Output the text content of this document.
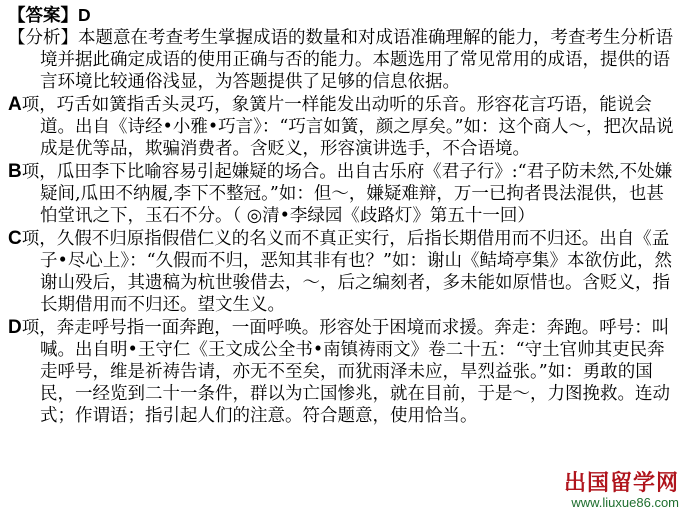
【答案】D

【分析】本题意在考查考生掌握成语的数量和对成语准确理解的能力，考查考生分析语境并据此确定成语的使用正确与否的能力。本题选用了常见常用的成语，提供的语言环境比较通俗浅显，为答题提供了足够的信息依据。

A项，巧舌如簧指舌头灵巧，象簧片一样能发出动听的乐音。形容花言巧语，能说会道。出自《诗经•小雅•巧言》：“巧言如簧，颜之厚矣。”如：这个商人～，把次品说成是优等品，欺骗消费者。含贬义，形容演讲选手，不合语境。

B项，瓜田李下比喻容易引起嫌疑的场合。出自古乐府《君子行》:“君子防未然,不处嫌疑间,瓜田不纳履,李下不整冠。”如：但～，嫌疑难辩，万一已拘者畏法混供，也甚怕堂讯之下，玉石不分。（ ◎清•李绿园《歧路灯》第五十一回）

C项，久假不归原指假借仁义的名义而不真正实行，后指长期借用而不归还。出自《孟子•尽心上》：“久假而不归，恶知其非有也？”如：谢山《鲒埼亭集》本欲仿此，然谢山殁后，其遗稿为杭世骏借去，～，后之编刻者，多未能如原惜也。含贬义，指长期借用而不归还。望文生义。

D项，奔走呼号指一面奔跑，一面呼唤。形容处于困境而求援。奔走：奔跑。呼号：叫喊。出自明•王守仁《王文成公全书•南镇祷雨文》卷二十五：“守土官帅其吏民奔走呼号，维是祈祷告请，亦无不至矣，而犹雨泽未应，旱烈益张。”如：勇敢的国民，一经览到二十一条件，群以为亡国惨兆，就在目前，于是～，力图挽救。连动式；作谓语；指引起人们的注意。符合题意，使用恰当。

出国留学网
www.liuxue86.com
